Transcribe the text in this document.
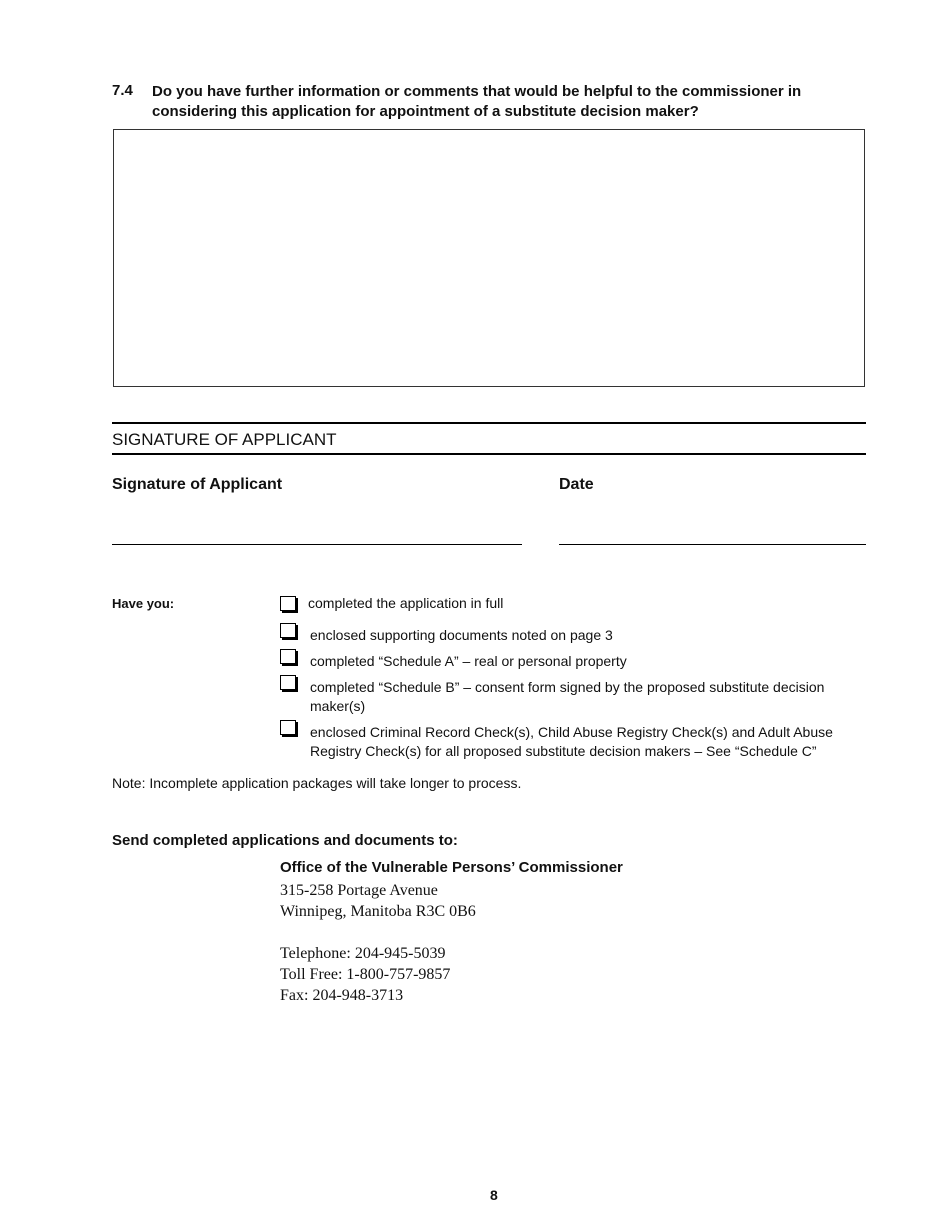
7.4 Do you have further information or comments that would be helpful to the commissioner in considering this application for appointment of a substitute decision maker?
SIGNATURE OF APPLICANT
Signature of Applicant	Date
Have you:	completed the application in full
enclosed supporting documents noted on page 3
completed “Schedule A” – real or personal property
completed “Schedule B” – consent form signed by the proposed substitute decision maker(s)
enclosed Criminal Record Check(s), Child Abuse Registry Check(s) and Adult Abuse Registry Check(s) for all proposed substitute decision makers – See “Schedule C”
Note: Incomplete application packages will take longer to process.
Send completed applications and documents to:
Office of the Vulnerable Persons’ Commissioner
315-258 Portage Avenue
Winnipeg, Manitoba R3C 0B6
Telephone: 204-945-5039
Toll Free: 1-800-757-9857
Fax: 204-948-3713
8
